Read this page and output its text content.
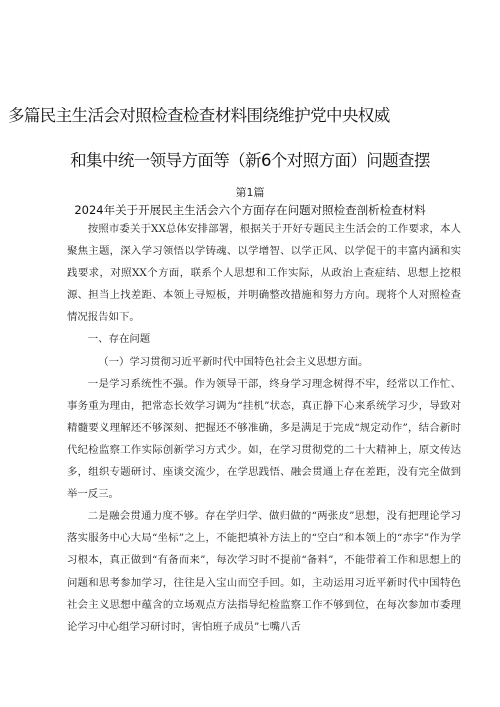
多篇民主生活会对照检查检查材料围绕维护党中央权威
和集中统一领导方面等（新6个对照方面）问题查摆
第1篇
2024年关于开展民主生活会六个方面存在问题对照检查剖析检查材料

按照市委关于XX总体安排部署，根据关于开好专题民主生活会的工作要求，本人聚焦主题，深入学习领悟以学铸魂、以学增智、以学正风、以学促干的丰富内涵和实践要求，对照XX个方面，联系个人思想和工作实际，从政治上查症结、思想上挖根源、担当上找差距、本领上寻短板，并明确整改措施和努力方向。现将个人对照检查情况报告如下。

一、存在问题

（一）学习贯彻习近平新时代中国特色社会主义思想方面。

一是学习系统性不强。作为领导干部，终身学习理念树得不牢，经常以工作忙、事务重为理由，把常态长效学习调为“挂机”状态，真正静下心来系统学习少，导致对精髓要义理解还不够深刻、把握还不够准确，多是满足于完成“规定动作”，结合新时代纪检监察工作实际创新学习方式少。如，在学习贯彻党的二十大精神上，原文传达多，组织专题研讨、座谈交流少，在学思践悟、融会贯通上存在差距，没有完全做到举一反三。

二是融会贯通力度不够。存在学归学、做归做的“两张皮”思想，没有把理论学习落实服务中心大局“坐标”之上，不能把填补方法上的“空白”和本领上的“赤字”作为学习根本，真正做到“有备而来”，每次学习时不提前“备料”，不能带着工作和思想上的问题和思考参加学习，往往是入宝山而空手回。如，主动运用习近平新时代中国特色社会主义思想中蕴含的立场观点方法指导纪检监察工作不够到位，在每次参加市委理论学习中心组学习研讨时，害怕班子成员”七嘴八舌
